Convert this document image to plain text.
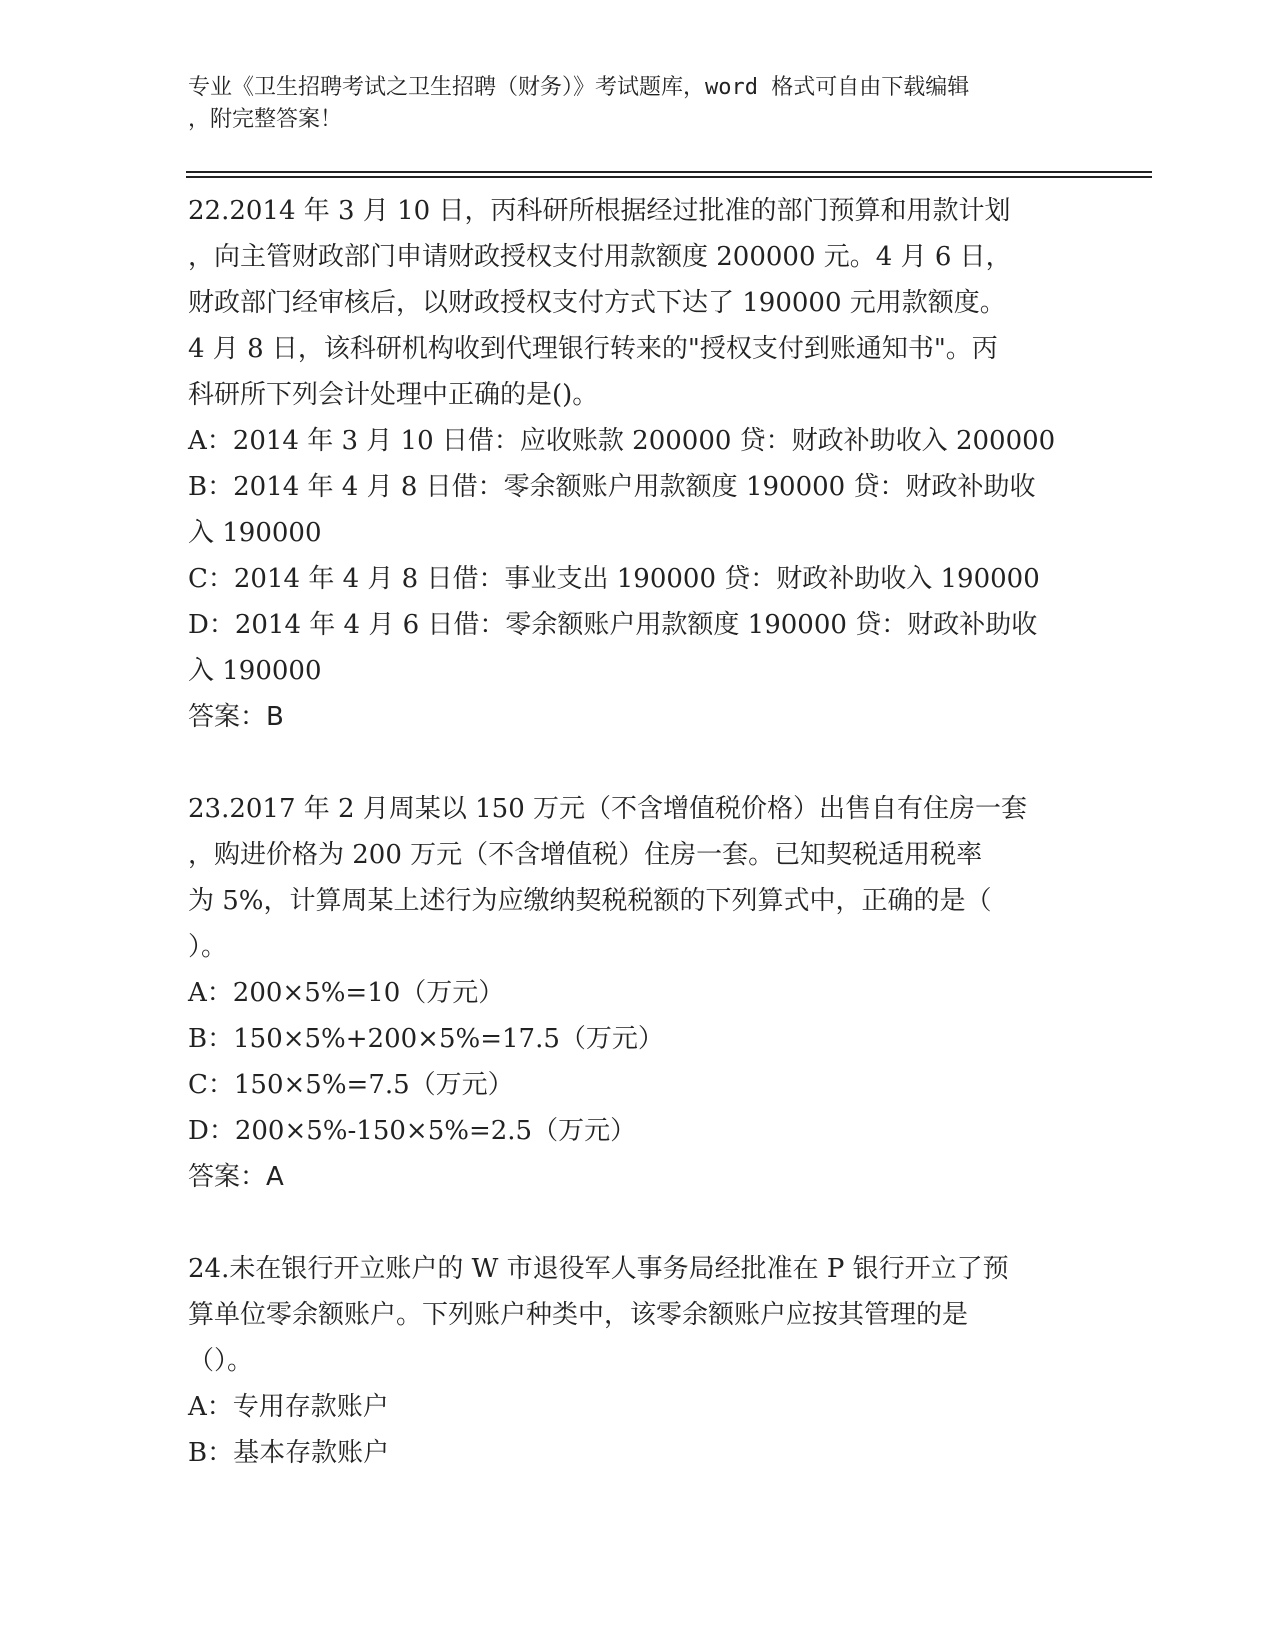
专业《卫生招聘考试之卫生招聘（财务）》考试题库，word 格式可自由下载编辑
，附完整答案！

22.2014 年 3 月 10 日，丙科研所根据经过批准的部门预算和用款计划

，向主管财政部门申请财政授权支付用款额度 200000 元。4 月 6 日，

财政部门经审核后，以财政授权支付方式下达了 190000 元用款额度。

4 月 8 日，该科研机构收到代理银行转来的"授权支付到账通知书"。丙

科研所下列会计处理中正确的是()。

A：2014 年 3 月 10 日借：应收账款 200000 贷：财政补助收入 200000

B：2014 年 4 月 8 日借：零余额账户用款额度 190000 贷：财政补助收

入 190000

C：2014 年 4 月 8 日借：事业支出 190000 贷：财政补助收入 190000

D：2014 年 4 月 6 日借：零余额账户用款额度 190000 贷：财政补助收

入 190000

答案：B

23.2017 年 2 月周某以 150 万元（不含增值税价格）出售自有住房一套

，购进价格为 200 万元（不含增值税）住房一套。已知契税适用税率

为 5%，计算周某上述行为应缴纳契税税额的下列算式中，正确的是（

）。

A：200×5%=10（万元）

B：150×5%+200×5%=17.5（万元）

C：150×5%=7.5（万元）

D：200×5%-150×5%=2.5（万元）

答案：A

24.未在银行开立账户的 W 市退役军人事务局经批准在 P 银行开立了预

算单位零余额账户。下列账户种类中，该零余额账户应按其管理的是

（）。

A：专用存款账户

B：基本存款账户
